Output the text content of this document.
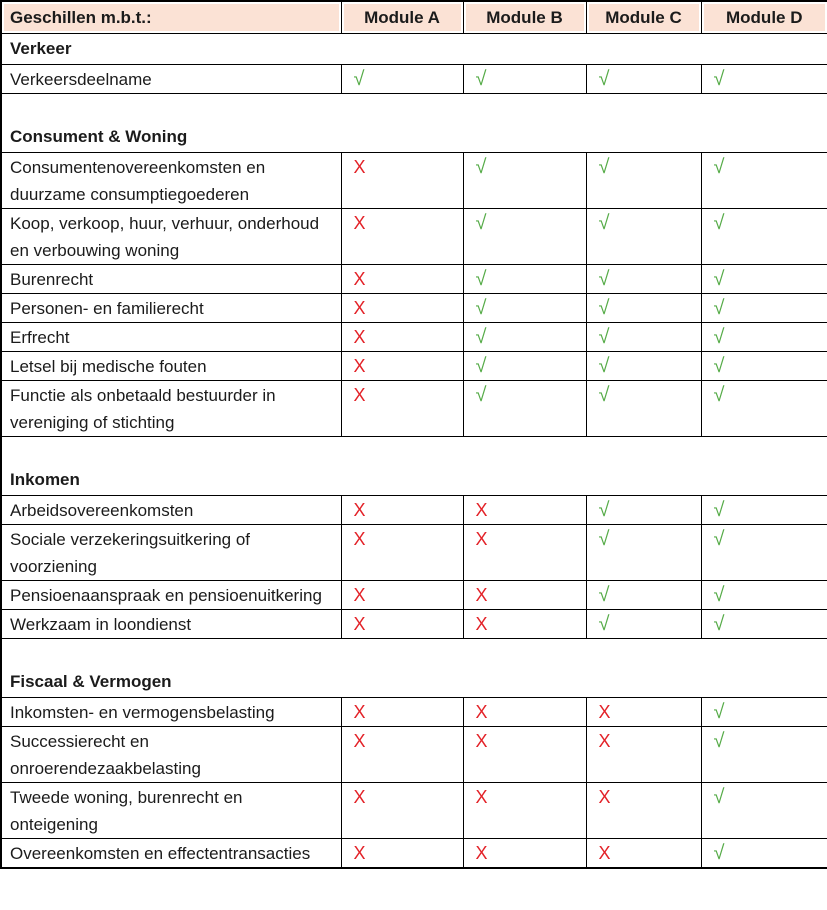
Geschillen m.b.t.:	Module A	Module B	Module C	Module D
Verkeer				
Verkeersdeelname	√	√	√	√
Consument & Woning				
Consumentenovereenkomsten en duurzame consumptiegoederen	X	√	√	√
Koop, verkoop, huur, verhuur, onderhoud en verbouwing woning	X	√	√	√
Burenrecht	X	√	√	√
Personen- en familierecht	X	√	√	√
Erfrecht	X	√	√	√
Letsel bij medische fouten	X	√	√	√
Functie als onbetaald bestuurder in vereniging of stichting	X	√	√	√
Inkomen				
Arbeidsovereenkomsten	X	X	√	√
Sociale verzekeringsuitkering of voorziening	X	X	√	√
Pensioenaanspraak en pensioenuitkering	X	X	√	√
Werkzaam in loondienst	X	X	√	√
Fiscaal & Vermogen				
Inkomsten- en vermogensbelasting	X	X	X	√
Successierecht en onroerendezaakbelasting	X	X	X	√
Tweede woning, burenrecht en onteigening	X	X	X	√
Overeenkomsten en effectentransacties	X	X	X	√
